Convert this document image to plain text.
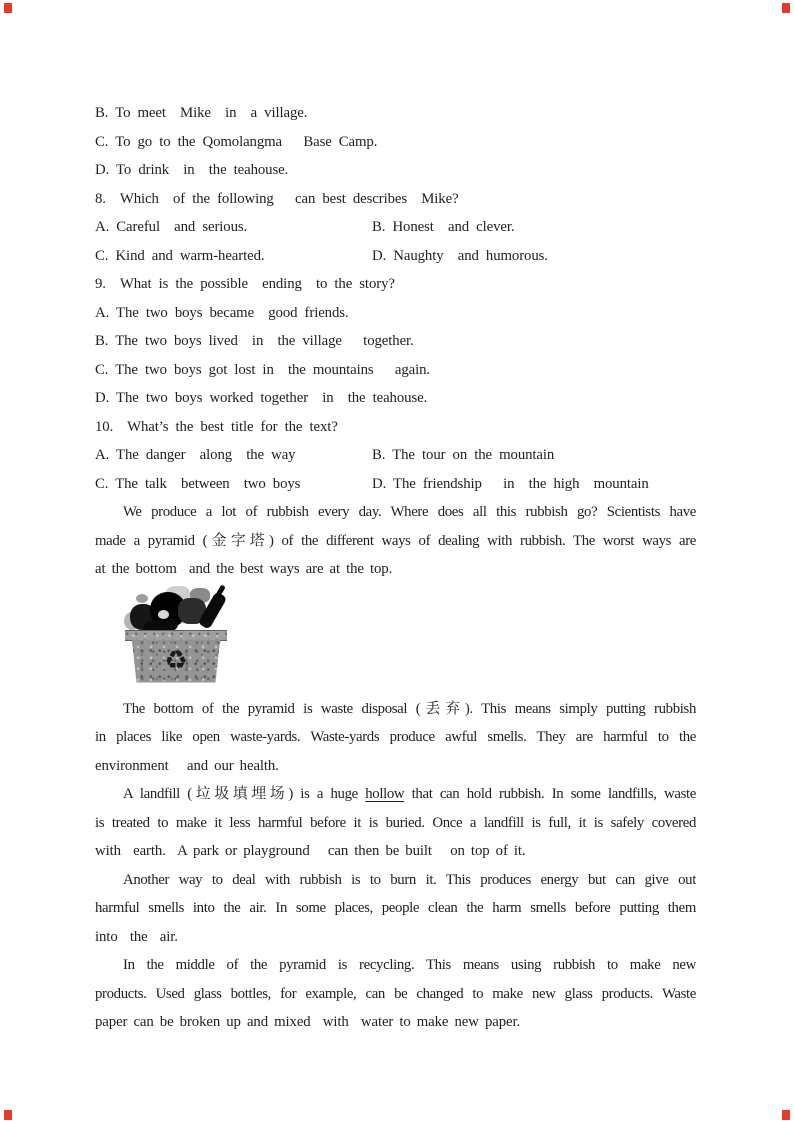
B. To meet  Mike  in  a village.
C. To go to the Qomolangma   Base Camp.
D. To drink  in  the teahouse.
8.  Which  of the following   can best describes  Mike?
A. Careful  and serious.	B. Honest  and clever.
C. Kind and warm-hearted.	D. Naughty  and humorous.
9.  What is the possible  ending  to the story?
A. The two boys became  good friends.
B. The two boys lived  in  the village   together.
C. The two boys got lost in  the mountains   again.
D. The two boys worked together  in  the teahouse.
10.  What’s the best title for the text?
A. The danger  along  the way	B. The tour on the mountain
C. The talk  between  two boys	D. The friendship   in  the high  mountain
We produce a lot of rubbish every day. Where does all this rubbish go? Scientists have
made a pyramid (金字塔) of the different ways of dealing with rubbish. The worst ways are
at the bottom  and the best ways are at the top.
♻
The bottom of the pyramid is waste disposal (丢弃). This means simply putting rubbish
in places like open waste-yards. Waste-yards produce awful smells. They are harmful to the
environment   and our health.
A landfill (垃圾填埋场) is a huge hollow that can hold rubbish. In some landfills, waste
is treated to make it less harmful before it is buried. Once a landfill is full, it is safely covered
with  earth.  A park or playground   can then be built   on top of it.
Another way to deal with rubbish is to burn it. This produces energy but can give out
harmful smells into the air. In some places, people clean the harm smells before putting them
into  the  air.
In the middle of the pyramid is recycling. This means using rubbish to make new
products. Used glass bottles, for example, can be changed to make new glass products. Waste
paper can be broken up and mixed  with  water to make new paper.
